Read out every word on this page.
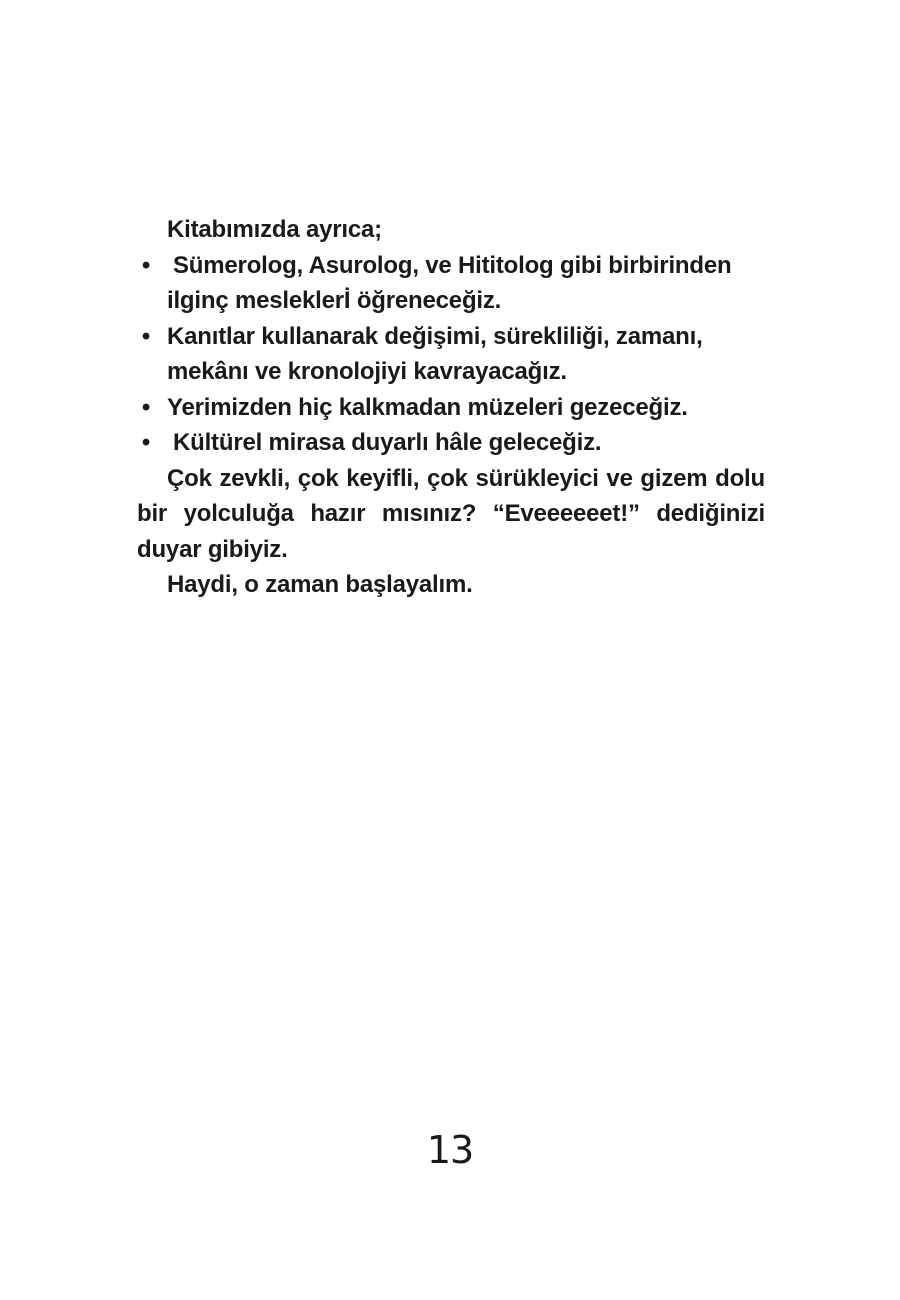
Kitabımızda ayrıca;

• Sümerolog, Asurolog, ve Hititolog gibi birbirinden ilginç mesleklerİ öğreneceğiz.
• Kanıtlar kullanarak değişimi, sürekliliği, zamanı, mekânı ve kronolojiyi kavrayacağız.
• Yerimizden hiç kalkmadan müzeleri gezeceğiz.
• Kültürel mirasa duyarlı hâle geleceğiz.

Çok zevkli, çok keyifli, çok sürükleyici ve gizem dolu bir yolculuğa hazır mısınız? “Eveeeeeet!” dediğinizi duyar gibiyiz.

Haydi, o zaman başlayalım.

13
